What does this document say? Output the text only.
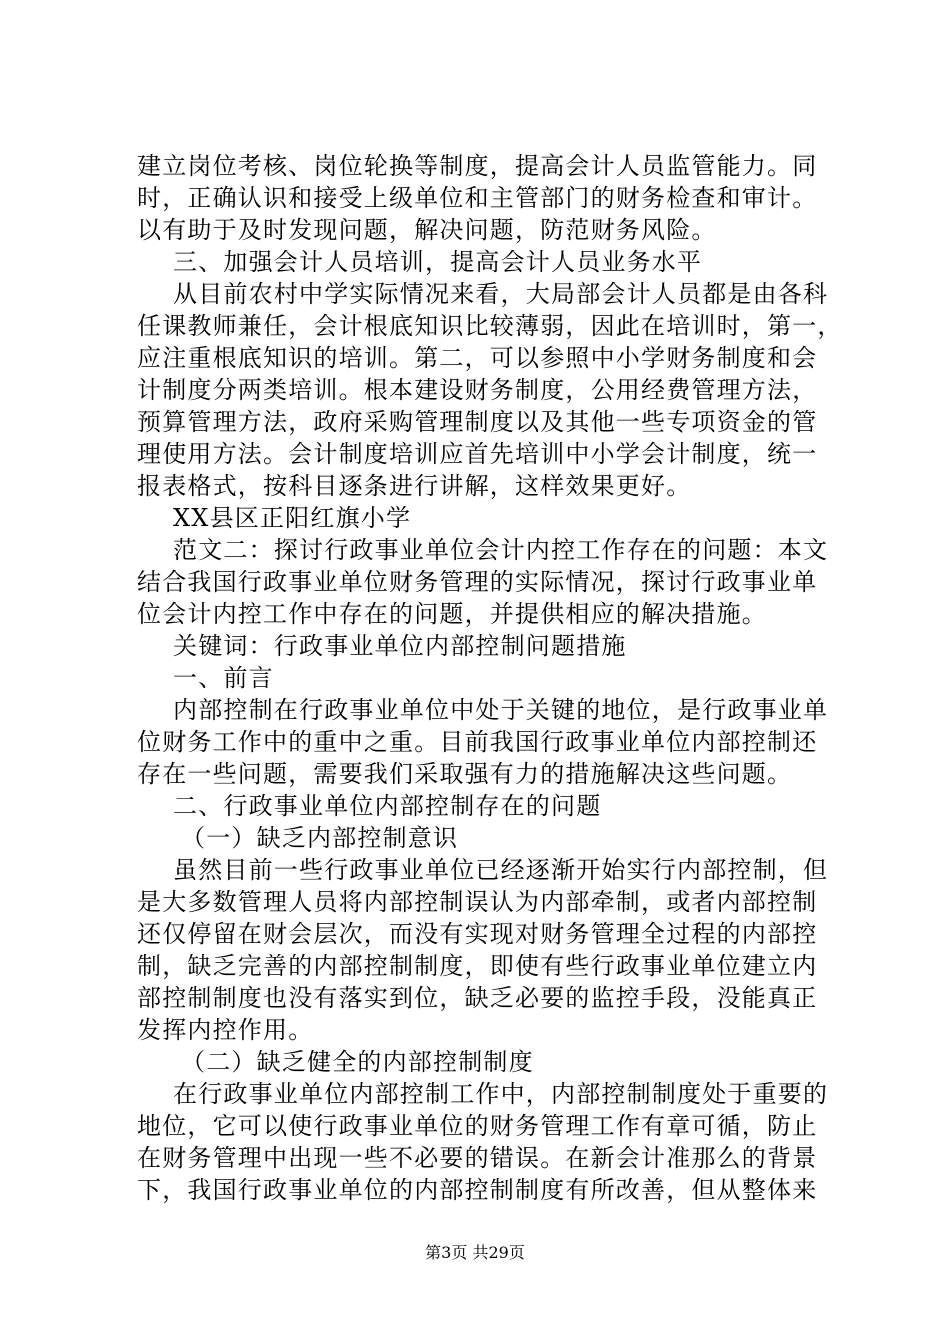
建立岗位考核、岗位轮换等制度，提高会计人员监管能力。同
时，正确认识和接受上级单位和主管部门的财务检查和审计。
以有助于及时发现问题，解决问题，防范财务风险。
三、加强会计人员培训，提高会计人员业务水平
从目前农村中学实际情况来看，大局部会计人员都是由各科
任课教师兼任，会计根底知识比较薄弱，因此在培训时，第一，
应注重根底知识的培训。第二，可以参照中小学财务制度和会
计制度分两类培训。根本建设财务制度，公用经费管理方法，
预算管理方法，政府采购管理制度以及其他一些专项资金的管
理使用方法。会计制度培训应首先培训中小学会计制度，统一
报表格式，按科目逐条进行讲解，这样效果更好。
XX县区正阳红旗小学
范文二：探讨行政事业单位会计内控工作存在的问题：本文
结合我国行政事业单位财务管理的实际情况，探讨行政事业单
位会计内控工作中存在的问题，并提供相应的解决措施。
关键词：行政事业单位内部控制问题措施
一、前言
内部控制在行政事业单位中处于关键的地位，是行政事业单
位财务工作中的重中之重。目前我国行政事业单位内部控制还
存在一些问题，需要我们采取强有力的措施解决这些问题。
二、行政事业单位内部控制存在的问题
（一）缺乏内部控制意识
虽然目前一些行政事业单位已经逐渐开始实行内部控制，但
是大多数管理人员将内部控制误认为内部牵制，或者内部控制
还仅停留在财会层次，而没有实现对财务管理全过程的内部控
制，缺乏完善的内部控制制度，即使有些行政事业单位建立内
部控制制度也没有落实到位，缺乏必要的监控手段，没能真正
发挥内控作用。
（二）缺乏健全的内部控制制度
在行政事业单位内部控制工作中，内部控制制度处于重要的
地位，它可以使行政事业单位的财务管理工作有章可循，防止
在财务管理中出现一些不必要的错误。在新会计准那么的背景
下，我国行政事业单位的内部控制制度有所改善，但从整体来
第3页 共29页
